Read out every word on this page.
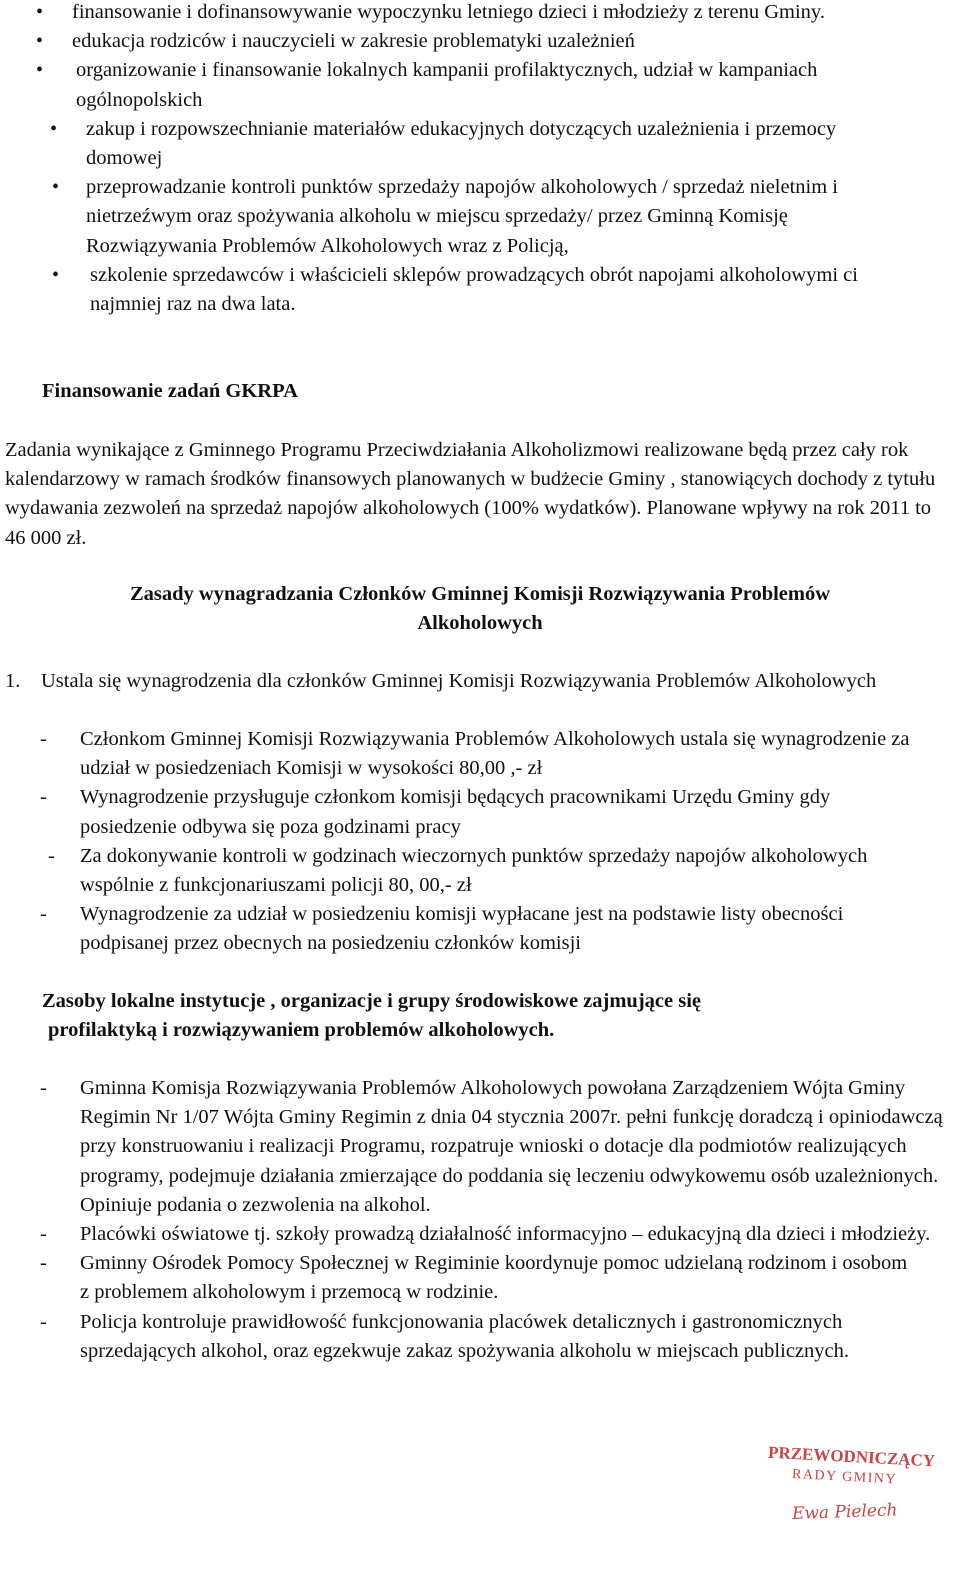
• finansowanie i dofinansowywanie wypoczynku letniego dzieci i młodzieży z terenu Gminy.
• edukacja rodziców i nauczycieli w zakresie problematyki uzależnień
• organizowanie i finansowanie lokalnych kampanii profilaktycznych, udział w kampaniach ogólnopolskich
• zakup i rozpowszechnianie materiałów edukacyjnych dotyczących uzależnienia i przemocy domowej
• przeprowadzanie kontroli punktów sprzedaży napojów alkoholowych / sprzedaż nieletnim i nietrzeźwym oraz spożywania alkoholu w miejscu sprzedaży/ przez Gminną Komisję Rozwiązywania Problemów Alkoholowych wraz z Policją,
• szkolenie sprzedawców i właścicieli sklepów prowadzących obrót napojami alkoholowymi ci najmniej raz na dwa lata.
Finansowanie zadań GKRPA
Zadania wynikające z Gminnego Programu Przeciwdziałania Alkoholizmowi realizowane będą przez cały rok kalendarzowy w ramach środków finansowych planowanych w budżecie Gminy , stanowiących dochody z tytułu wydawania zezwoleń na sprzedaż napojów alkoholowych (100% wydatków). Planowane wpływy na rok 2011 to 46 000 zł.
Zasady wynagradzania Członków Gminnej Komisji Rozwiązywania Problemów
Alkoholowych
1. Ustala się wynagrodzenia dla członków Gminnej Komisji Rozwiązywania Problemów Alkoholowych
- Członkom Gminnej Komisji Rozwiązywania Problemów Alkoholowych ustala się wynagrodzenie za udział w posiedzeniach Komisji w wysokości 80,00 ,- zł
- Wynagrodzenie przysługuje członkom komisji będących pracownikami Urzędu Gminy gdy posiedzenie odbywa się poza godzinami pracy
- Za dokonywanie kontroli w godzinach wieczornych punktów sprzedaży napojów alkoholowych wspólnie z funkcjonariuszami policji 80, 00,- zł
- Wynagrodzenie za udział w posiedzeniu komisji wypłacane jest na podstawie listy obecności podpisanej przez obecnych na posiedzeniu członków komisji
Zasoby lokalne instytucje , organizacje i grupy środowiskowe zajmujące się
profilaktyką i rozwiązywaniem problemów alkoholowych.
- Gminna Komisja Rozwiązywania Problemów Alkoholowych powołana Zarządzeniem Wójta Gminy Regimin Nr 1/07 Wójta Gminy Regimin z dnia 04 stycznia 2007r. pełni funkcję doradczą i opiniodawczą przy konstruowaniu i realizacji Programu, rozpatruje wnioski o dotacje dla podmiotów realizujących programy, podejmuje działania zmierzające do poddania się leczeniu odwykowemu osób uzależnionych. Opiniuje podania o zezwolenia na alkohol.
- Placówki oświatowe tj. szkoły prowadzą działalność informacyjno – edukacyjną dla dzieci i młodzieży.
- Gminny Ośrodek Pomocy Społecznej w Regiminie koordynuje pomoc udzielaną rodzinom i osobom z problemem alkoholowym i przemocą w rodzinie.
- Policja kontroluje prawidłowość funkcjonowania placówek detalicznych i gastronomicznych sprzedających alkohol, oraz egzekwuje zakaz spożywania alkoholu w miejscach publicznych.
PRZEWODNICZĄCY
RADY GMINY
Ewa Pielech
